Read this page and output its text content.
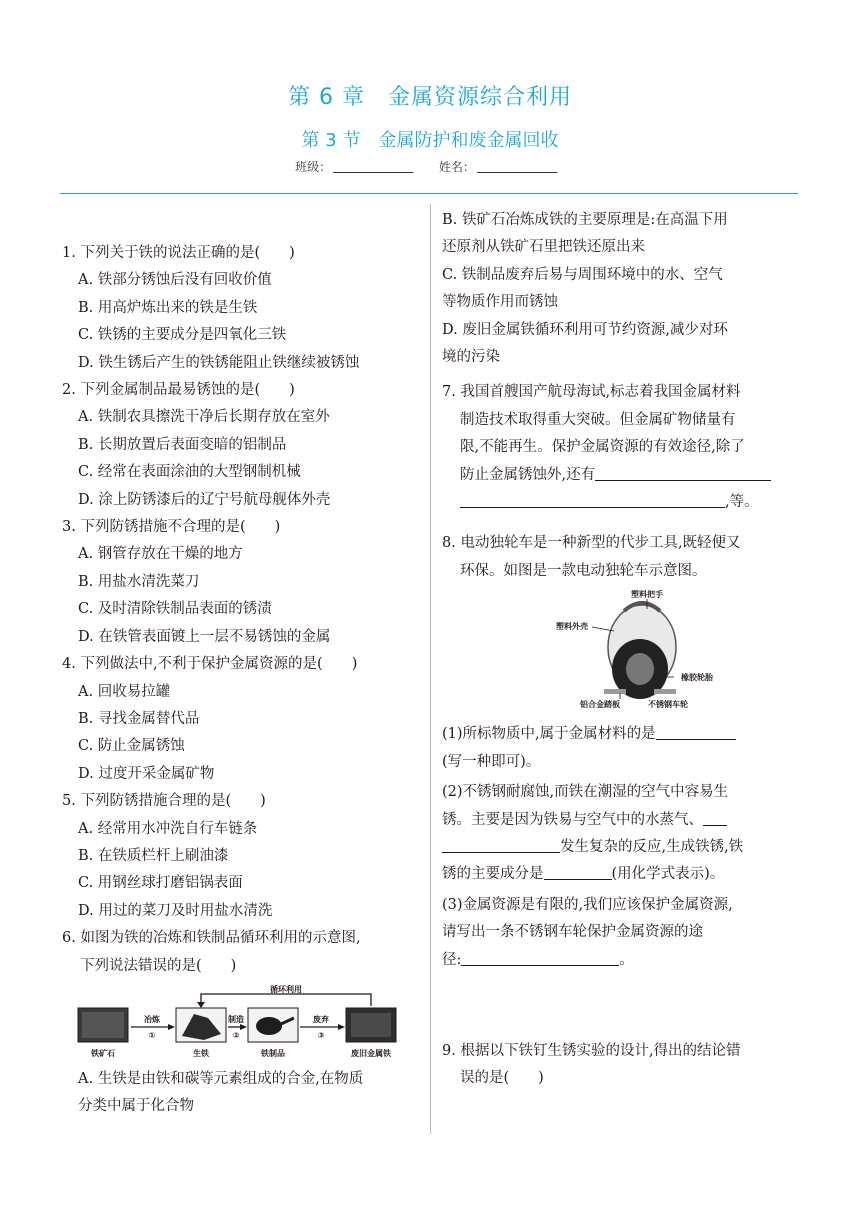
第 6 章　金属资源综合利用
第 3 节　金属防护和废金属回收
班级：	姓名：
1. 下列关于铁的说法正确的是(　　)
A. 铁部分锈蚀后没有回收价值
B. 用高炉炼出来的铁是生铁
C. 铁锈的主要成分是四氧化三铁
D. 铁生锈后产生的铁锈能阻止铁继续被锈蚀
2. 下列金属制品最易锈蚀的是(　　)
A. 铁制农具擦洗干净后长期存放在室外
B. 长期放置后表面变暗的铝制品
C. 经常在表面涂油的大型钢制机械
D. 涂上防锈漆后的辽宁号航母舰体外壳
3. 下列防锈措施不合理的是(　　)
A. 钢管存放在干燥的地方
B. 用盐水清洗菜刀
C. 及时清除铁制品表面的锈渍
D. 在铁管表面镀上一层不易锈蚀的金属
4. 下列做法中,不利于保护金属资源的是(　　)
A. 回收易拉罐
B. 寻找金属替代品
C. 防止金属锈蚀
D. 过度开采金属矿物
5. 下列防锈措施合理的是(　　)
A. 经常用水冲洗自行车链条
B. 在铁质栏杆上刷油漆
C. 用钢丝球打磨铝锅表面
D. 用过的菜刀及时用盐水清洗
6. 如图为铁的冶炼和铁制品循环利用的示意图,
下列说法错误的是(　　)
循环利用
冶炼
①
制造
②
废弃
③
铁矿石	生铁	铁制品	废旧金属铁
A. 生铁是由铁和碳等元素组成的合金,在物质
分类中属于化合物
B. 铁矿石冶炼成铁的主要原理是:在高温下用
还原剂从铁矿石里把铁还原出来
C. 铁制品废弃后易与周围环境中的水、空气
等物质作用而锈蚀
D. 废旧金属铁循环利用可节约资源,减少对环
境的污染
7. 我国首艘国产航母海试,标志着我国金属材料
制造技术取得重大突破。但金属矿物储量有
限,不能再生。保护金属资源的有效途径,除了
防止金属锈蚀外,还有
,等。
8. 电动独轮车是一种新型的代步工具,既轻便又
环保。如图是一款电动独轮车示意图。
塑料把手
塑料外壳
橡胶轮胎
铝合金踏板	不锈钢车轮
(1)所标物质中,属于金属材料的是
(写一种即可)。
(2)不锈钢耐腐蚀,而铁在潮湿的空气中容易生
锈。主要是因为铁易与空气中的水蒸气、
发生复杂的反应,生成铁锈,铁
锈的主要成分是	(用化学式表示)。
(3)金属资源是有限的,我们应该保护金属资源,
请写出一条不锈钢车轮保护金属资源的途
径:	。
9. 根据以下铁钉生锈实验的设计,得出的结论错
误的是(　　)
